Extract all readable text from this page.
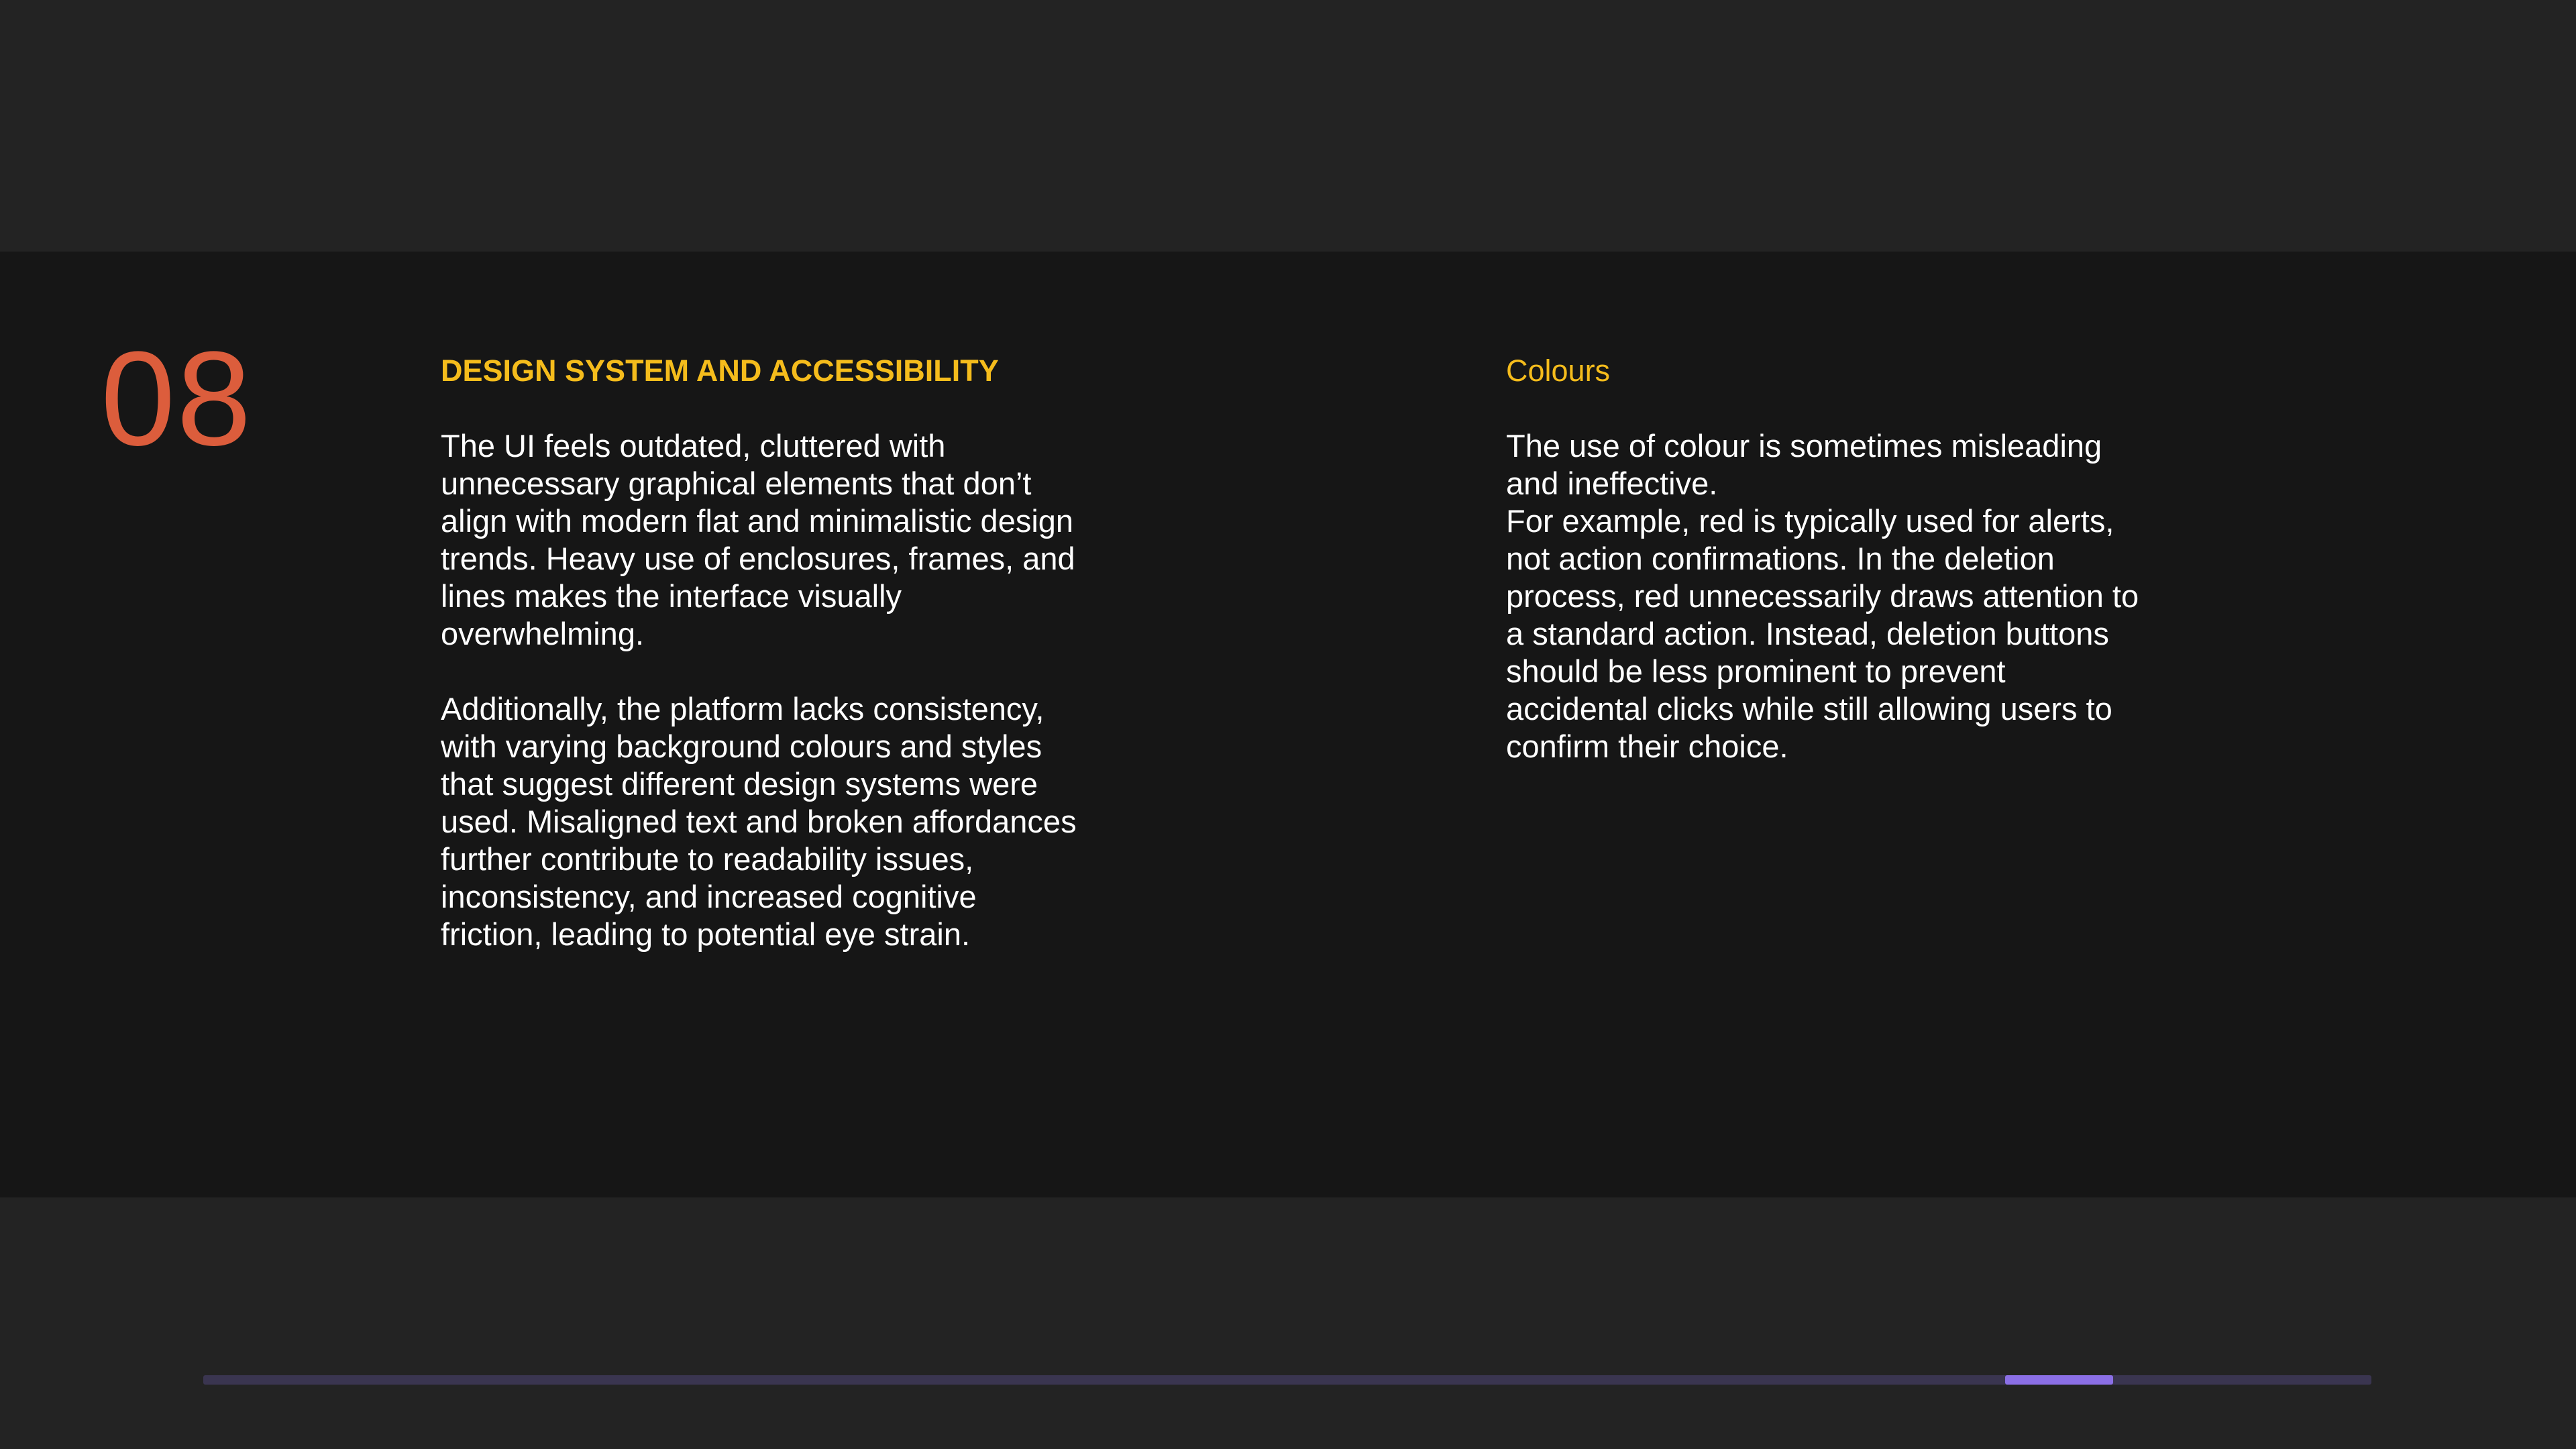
08	DESIGN SYSTEM AND ACCESSIBILITY

The UI feels outdated, cluttered with unnecessary graphical elements that don’t align with modern flat and minimalistic design trends. Heavy use of enclosures, frames, and lines makes the interface visually overwhelming.

Additionally, the platform lacks consistency, with varying background colours and styles that suggest different design systems were used. Misaligned text and broken affordances further contribute to readability issues, inconsistency, and increased cognitive friction, leading to potential eye strain.

Colours

The use of colour is sometimes misleading and ineffective.

For example, red is typically used for alerts, not action confirmations. In the deletion process, red unnecessarily draws attention to a standard action. Instead, deletion buttons should be less prominent to prevent accidental clicks while still allowing users to confirm their choice.
